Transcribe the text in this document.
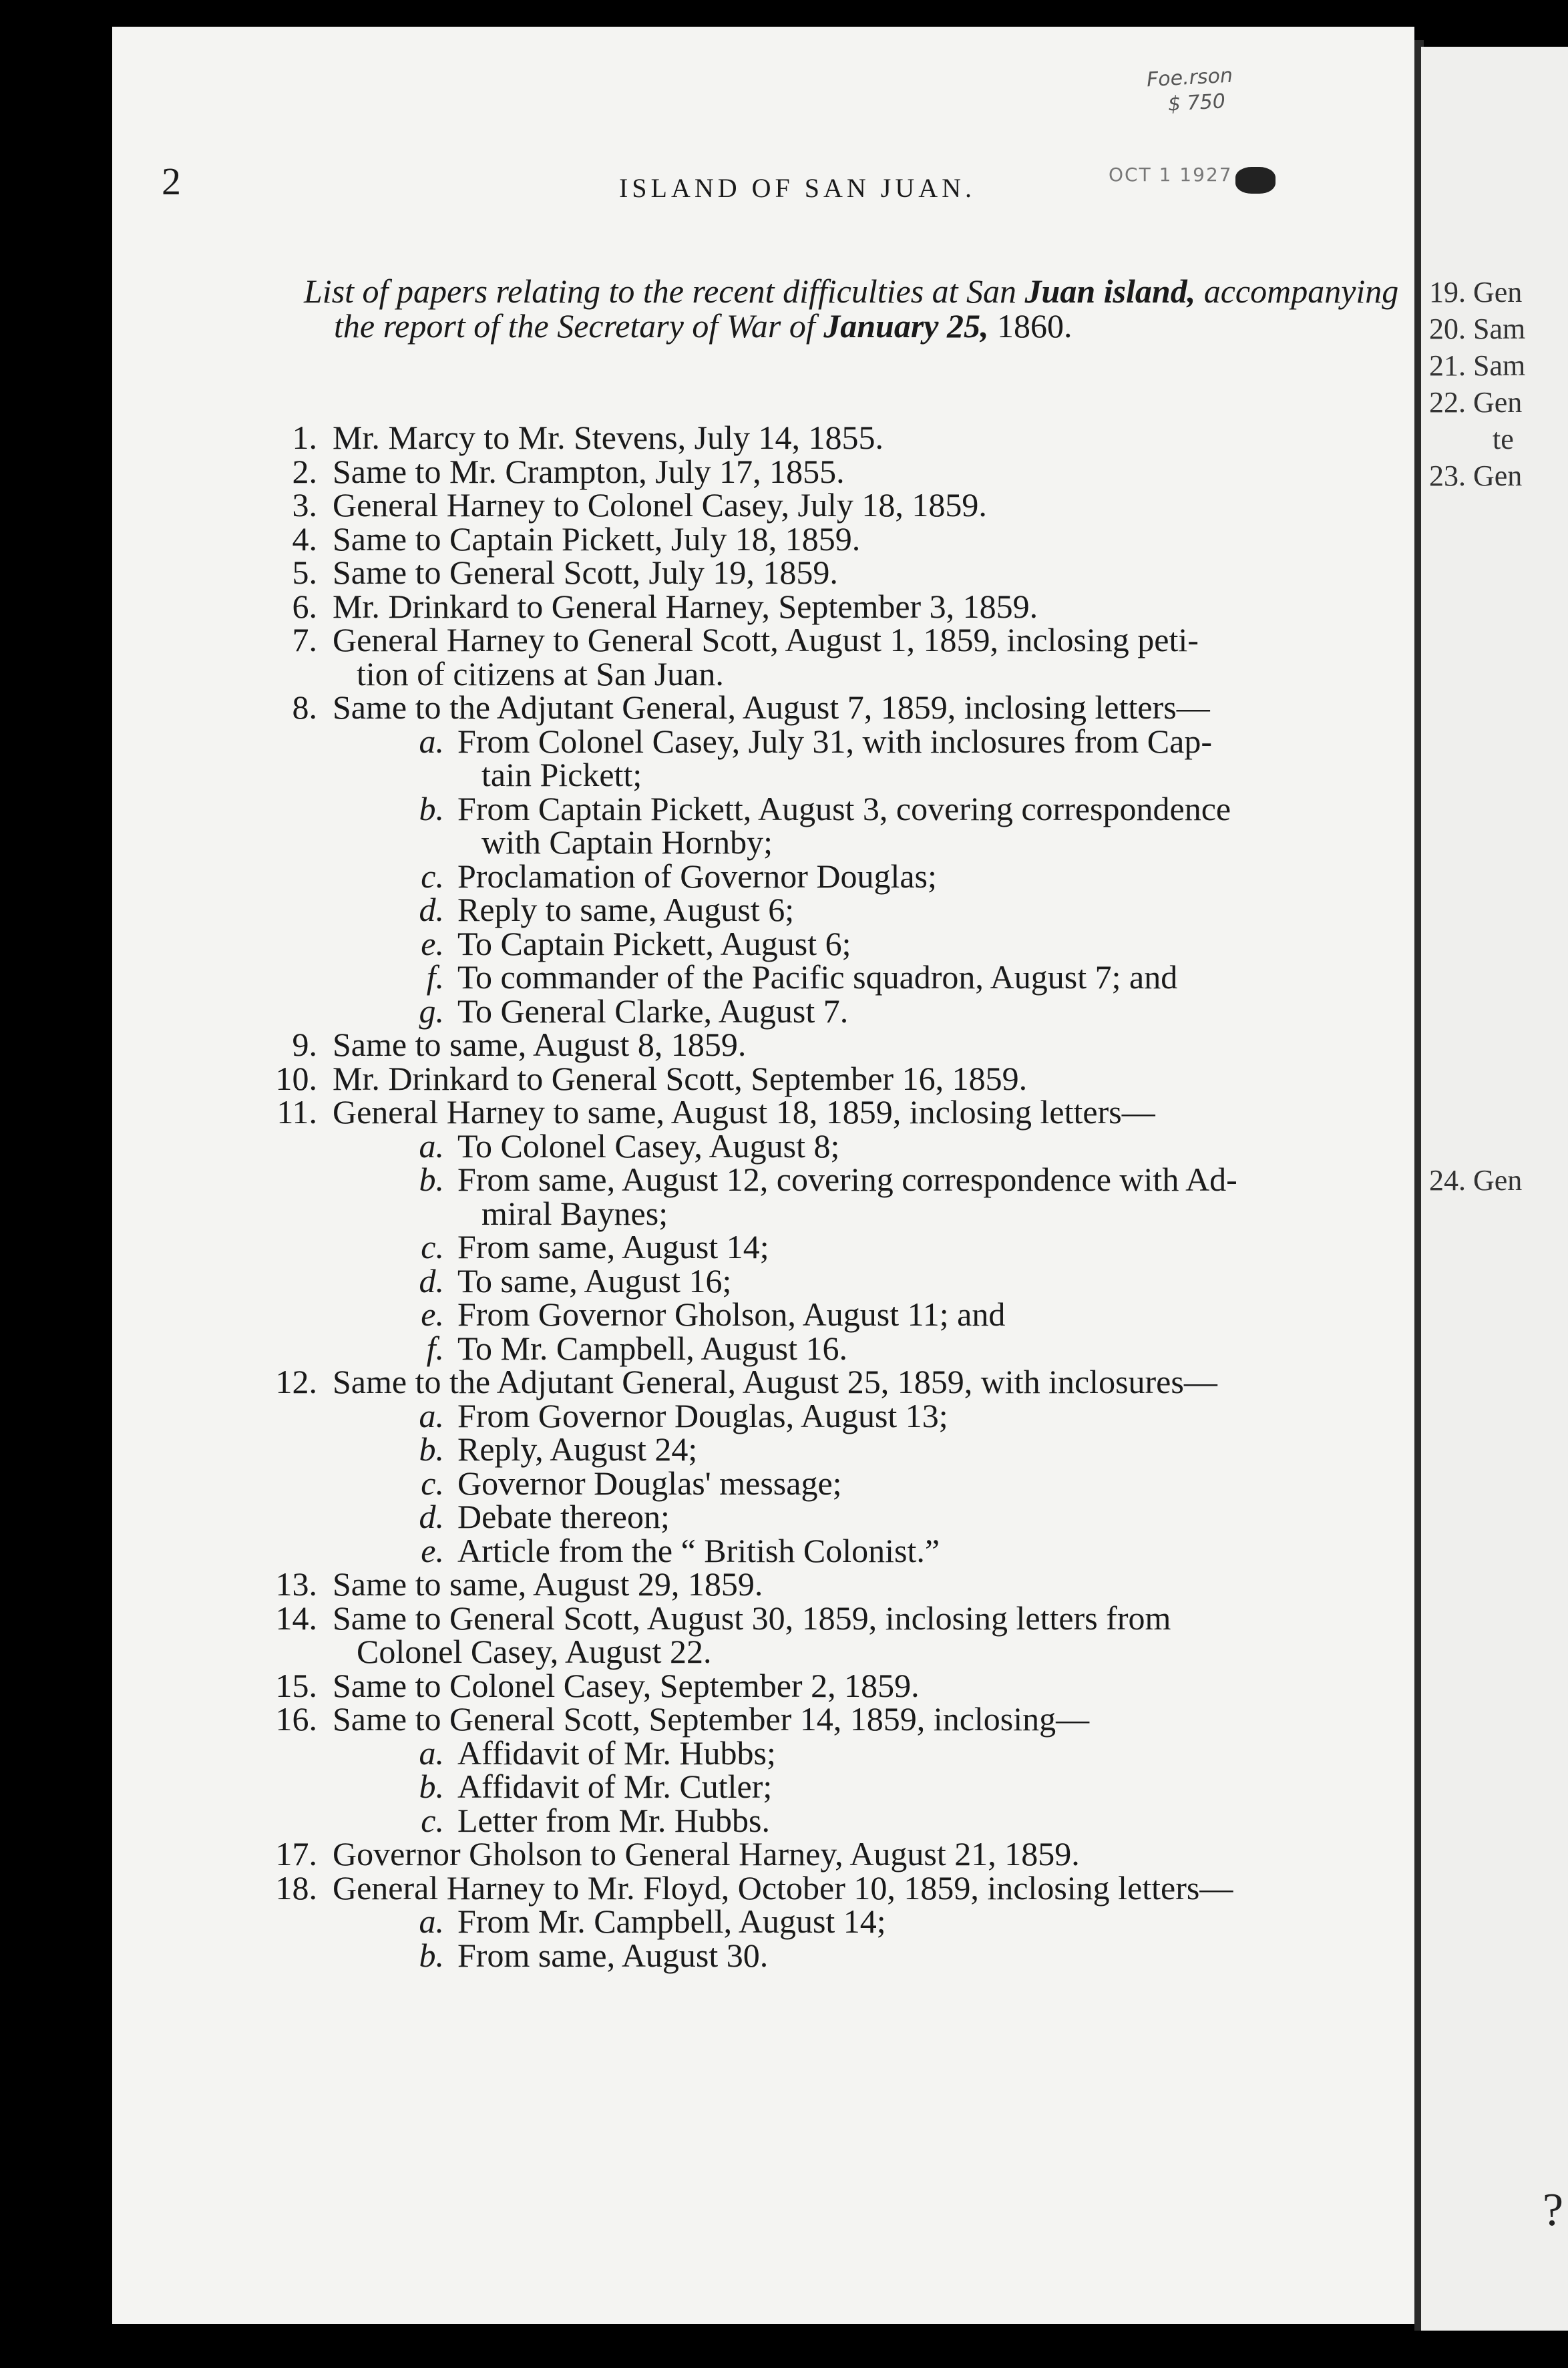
2	ISLAND OF SAN JUAN.
Foe.rson
$ 750
OCT 1 1927
List of papers relating to the recent difficulties at San Juan island, accompanying the report of the Secretary of War of January 25, 1860.
1. Mr. Marcy to Mr. Stevens, July 14, 1855.
2. Same to Mr. Crampton, July 17, 1855.
3. General Harney to Colonel Casey, July 18, 1859.
4. Same to Captain Pickett, July 18, 1859.
5. Same to General Scott, July 19, 1859.
6. Mr. Drinkard to General Harney, September 3, 1859.
7. General Harney to General Scott, August 1, 1859, inclosing peti-
tion of citizens at San Juan.
8. Same to the Adjutant General, August 7, 1859, inclosing letters—
a. From Colonel Casey, July 31, with inclosures from Cap-
tain Pickett;
b. From Captain Pickett, August 3, covering correspondence
with Captain Hornby;
c. Proclamation of Governor Douglas;
d. Reply to same, August 6;
e. To Captain Pickett, August 6;
f. To commander of the Pacific squadron, August 7; and
g. To General Clarke, August 7.
9. Same to same, August 8, 1859.
10. Mr. Drinkard to General Scott, September 16, 1859.
11. General Harney to same, August 18, 1859, inclosing letters—
a. To Colonel Casey, August 8;
b. From same, August 12, covering correspondence with Ad-
miral Baynes;
c. From same, August 14;
d. To same, August 16;
e. From Governor Gholson, August 11; and
f. To Mr. Campbell, August 16.
12. Same to the Adjutant General, August 25, 1859, with inclosures—
a. From Governor Douglas, August 13;
b. Reply, August 24;
c. Governor Douglas' message;
d. Debate thereon;
e. Article from the “ British Colonist.”
13. Same to same, August 29, 1859.
14. Same to General Scott, August 30, 1859, inclosing letters from
Colonel Casey, August 22.
15. Same to Colonel Casey, September 2, 1859.
16. Same to General Scott, September 14, 1859, inclosing—
a. Affidavit of Mr. Hubbs;
b. Affidavit of Mr. Cutler;
c. Letter from Mr. Hubbs.
17. Governor Gholson to General Harney, August 21, 1859.
18. General Harney to Mr. Floyd, October 10, 1859, inclosing letters—
a. From Mr. Campbell, August 14;
b. From same, August 30.
19. Gen
20. Sam
21. Sam
22. Gen
te
23. Gen
24. Gen
?
